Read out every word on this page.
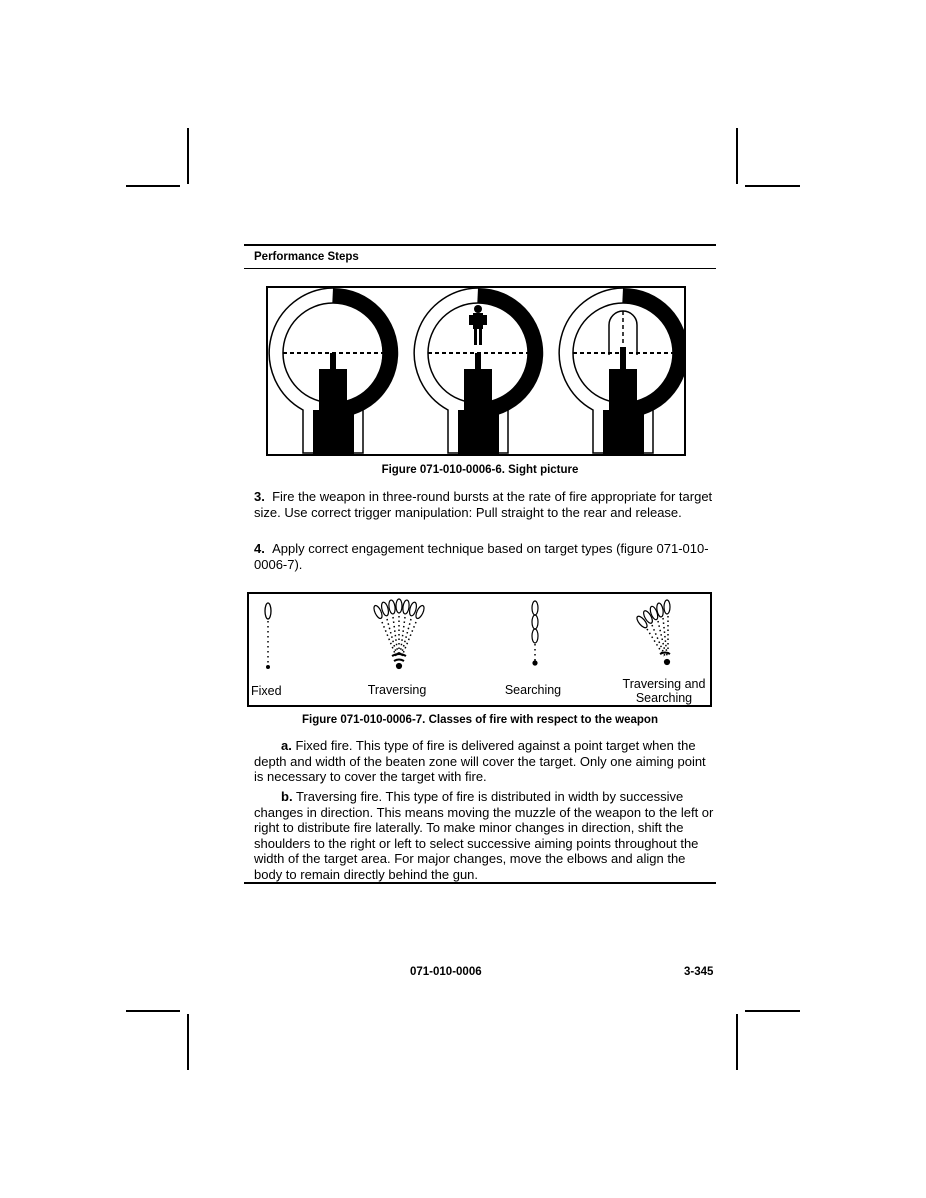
Performance Steps
A	B	C
Figure 071-010-0006-6. Sight picture
3. Fire the weapon in three-round bursts at the rate of fire appropriate for target size. Use correct trigger manipulation: Pull straight to the rear and release.
4. Apply correct engagement technique based on target types (figure 071-010-0006-7).
Fixed	Traversing	Searching	Traversing and Searching
Figure 071-010-0006-7. Classes of fire with respect to the weapon
a. Fixed fire. This type of fire is delivered against a point target when the depth and width of the beaten zone will cover the target. Only one aiming point is necessary to cover the target with fire.
b. Traversing fire. This type of fire is distributed in width by successive changes in direction. This means moving the muzzle of the weapon to the left or right to distribute fire laterally. To make minor changes in direction, shift the shoulders to the right or left to select successive aiming points throughout the width of the target area. For major changes, move the elbows and align the body to remain directly behind the gun.
071-010-0006	3-345
